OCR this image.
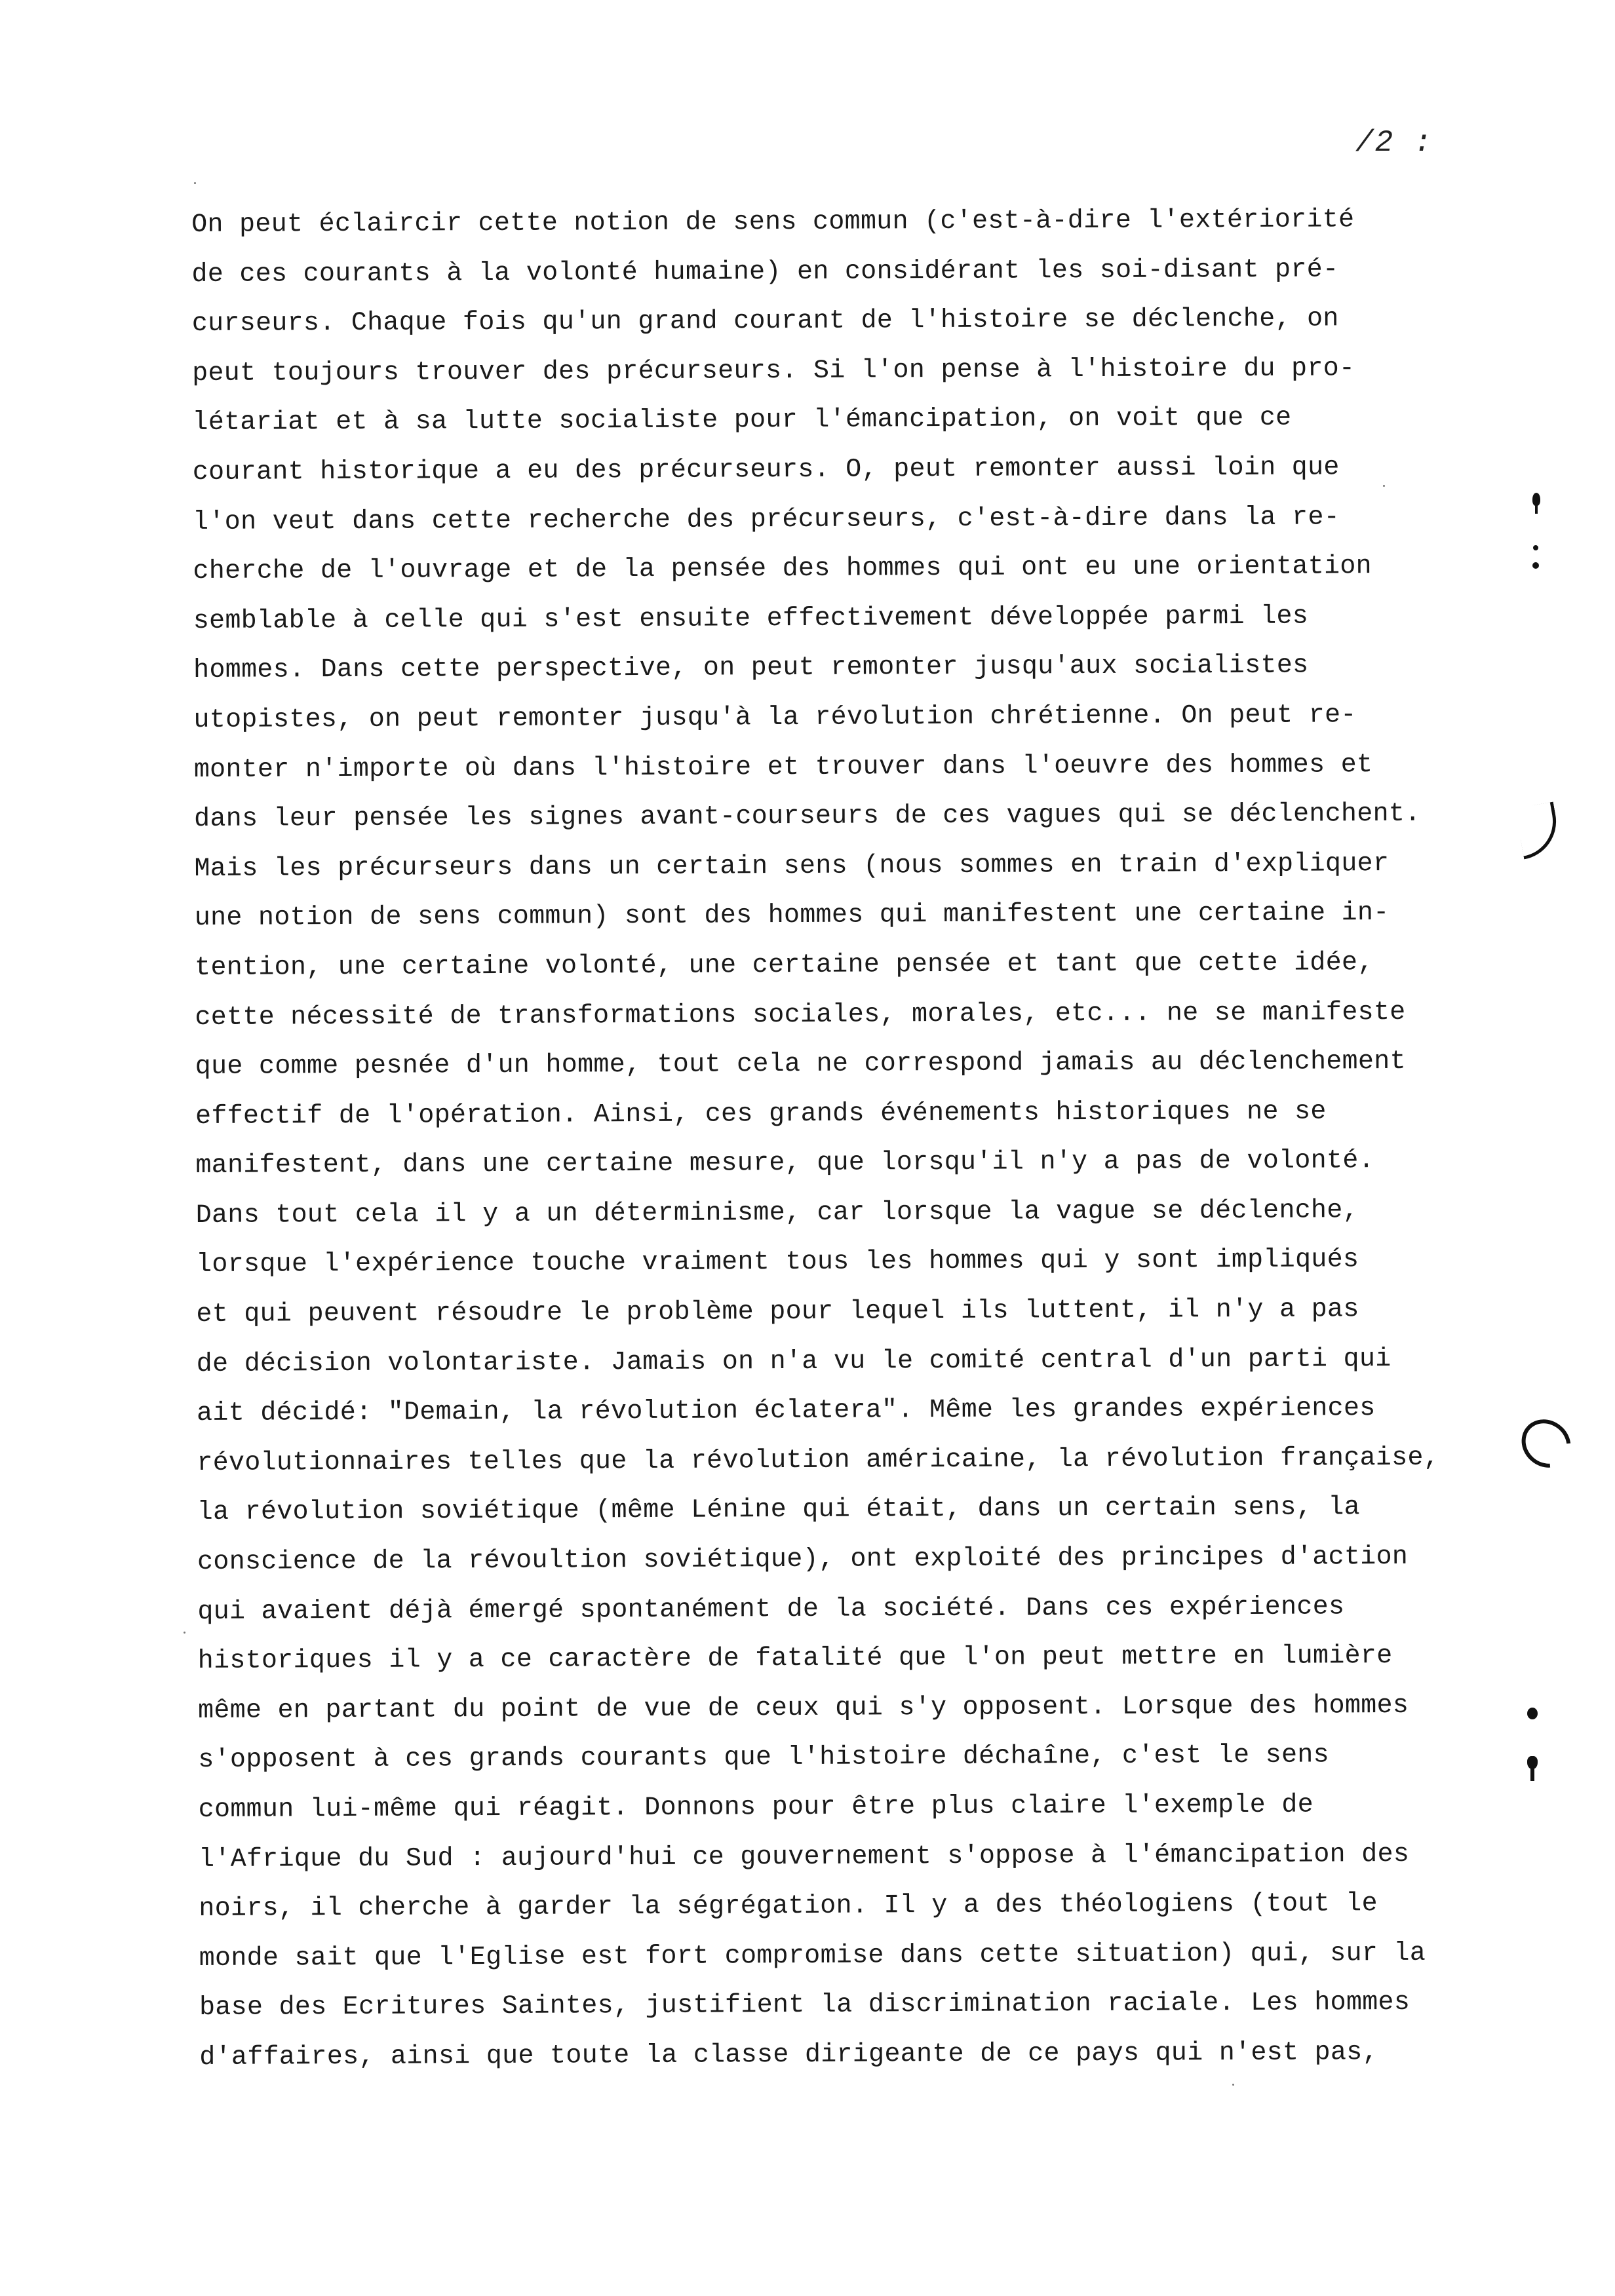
/2 :
On peut éclaircir cette notion de sens commun (c'est-à-dire l'extériorité
de ces courants à la volonté humaine) en considérant les soi-disant pré-
curseurs. Chaque fois qu'un grand courant de l'histoire se déclenche, on
peut toujours trouver des précurseurs. Si l'on pense à l'histoire du pro-
létariat et à sa lutte socialiste pour l'émancipation, on voit que ce
courant historique a eu des précurseurs. O, peut remonter aussi loin que
l'on veut dans cette recherche des précurseurs, c'est-à-dire dans la re-
cherche de l'ouvrage et de la pensée des hommes qui ont eu une orientation
semblable à celle qui s'est ensuite effectivement développée parmi les
hommes. Dans cette perspective, on peut remonter jusqu'aux socialistes
utopistes, on peut remonter jusqu'à la révolution chrétienne. On peut re-
monter n'importe où dans l'histoire et trouver dans l'oeuvre des hommes et
dans leur pensée les signes avant-courseurs de ces vagues qui se déclenchent.
Mais les précurseurs dans un certain sens (nous sommes en train d'expliquer
une notion de sens commun) sont des hommes qui manifestent une certaine in-
tention, une certaine volonté, une certaine pensée et tant que cette idée,
cette nécessité de transformations sociales, morales, etc... ne se manifeste
que comme pesnée d'un homme, tout cela ne correspond jamais au déclenchement
effectif de l'opération. Ainsi, ces grands événements historiques ne se
manifestent, dans une certaine mesure, que lorsqu'il n'y a pas de volonté.
Dans tout cela il y a un déterminisme, car lorsque la vague se déclenche,
lorsque l'expérience touche vraiment tous les hommes qui y sont impliqués
et qui peuvent résoudre le problème pour lequel ils luttent, il n'y a pas
de décision volontariste. Jamais on n'a vu le comité central d'un parti qui
ait décidé: "Demain, la révolution éclatera". Même les grandes expériences
révolutionnaires telles que la révolution américaine, la révolution française,
la révolution soviétique (même Lénine qui était, dans un certain sens, la
conscience de la révoultion soviétique), ont exploité des principes d'action
qui avaient déjà émergé spontanément de la société. Dans ces expériences
historiques il y a ce caractère de fatalité que l'on peut mettre en lumière
même en partant du point de vue de ceux qui s'y opposent. Lorsque des hommes
s'opposent à ces grands courants que l'histoire déchaîne, c'est le sens
commun lui-même qui réagit. Donnons pour être plus claire l'exemple de
l'Afrique du Sud : aujourd'hui ce gouvernement s'oppose à l'émancipation des
noirs, il cherche à garder la ségrégation. Il y a des théologiens (tout le
monde sait que l'Eglise est fort compromise dans cette situation) qui, sur la
base des Ecritures Saintes, justifient la discrimination raciale. Les hommes
d'affaires, ainsi que toute la classe dirigeante de ce pays qui n'est pas,
